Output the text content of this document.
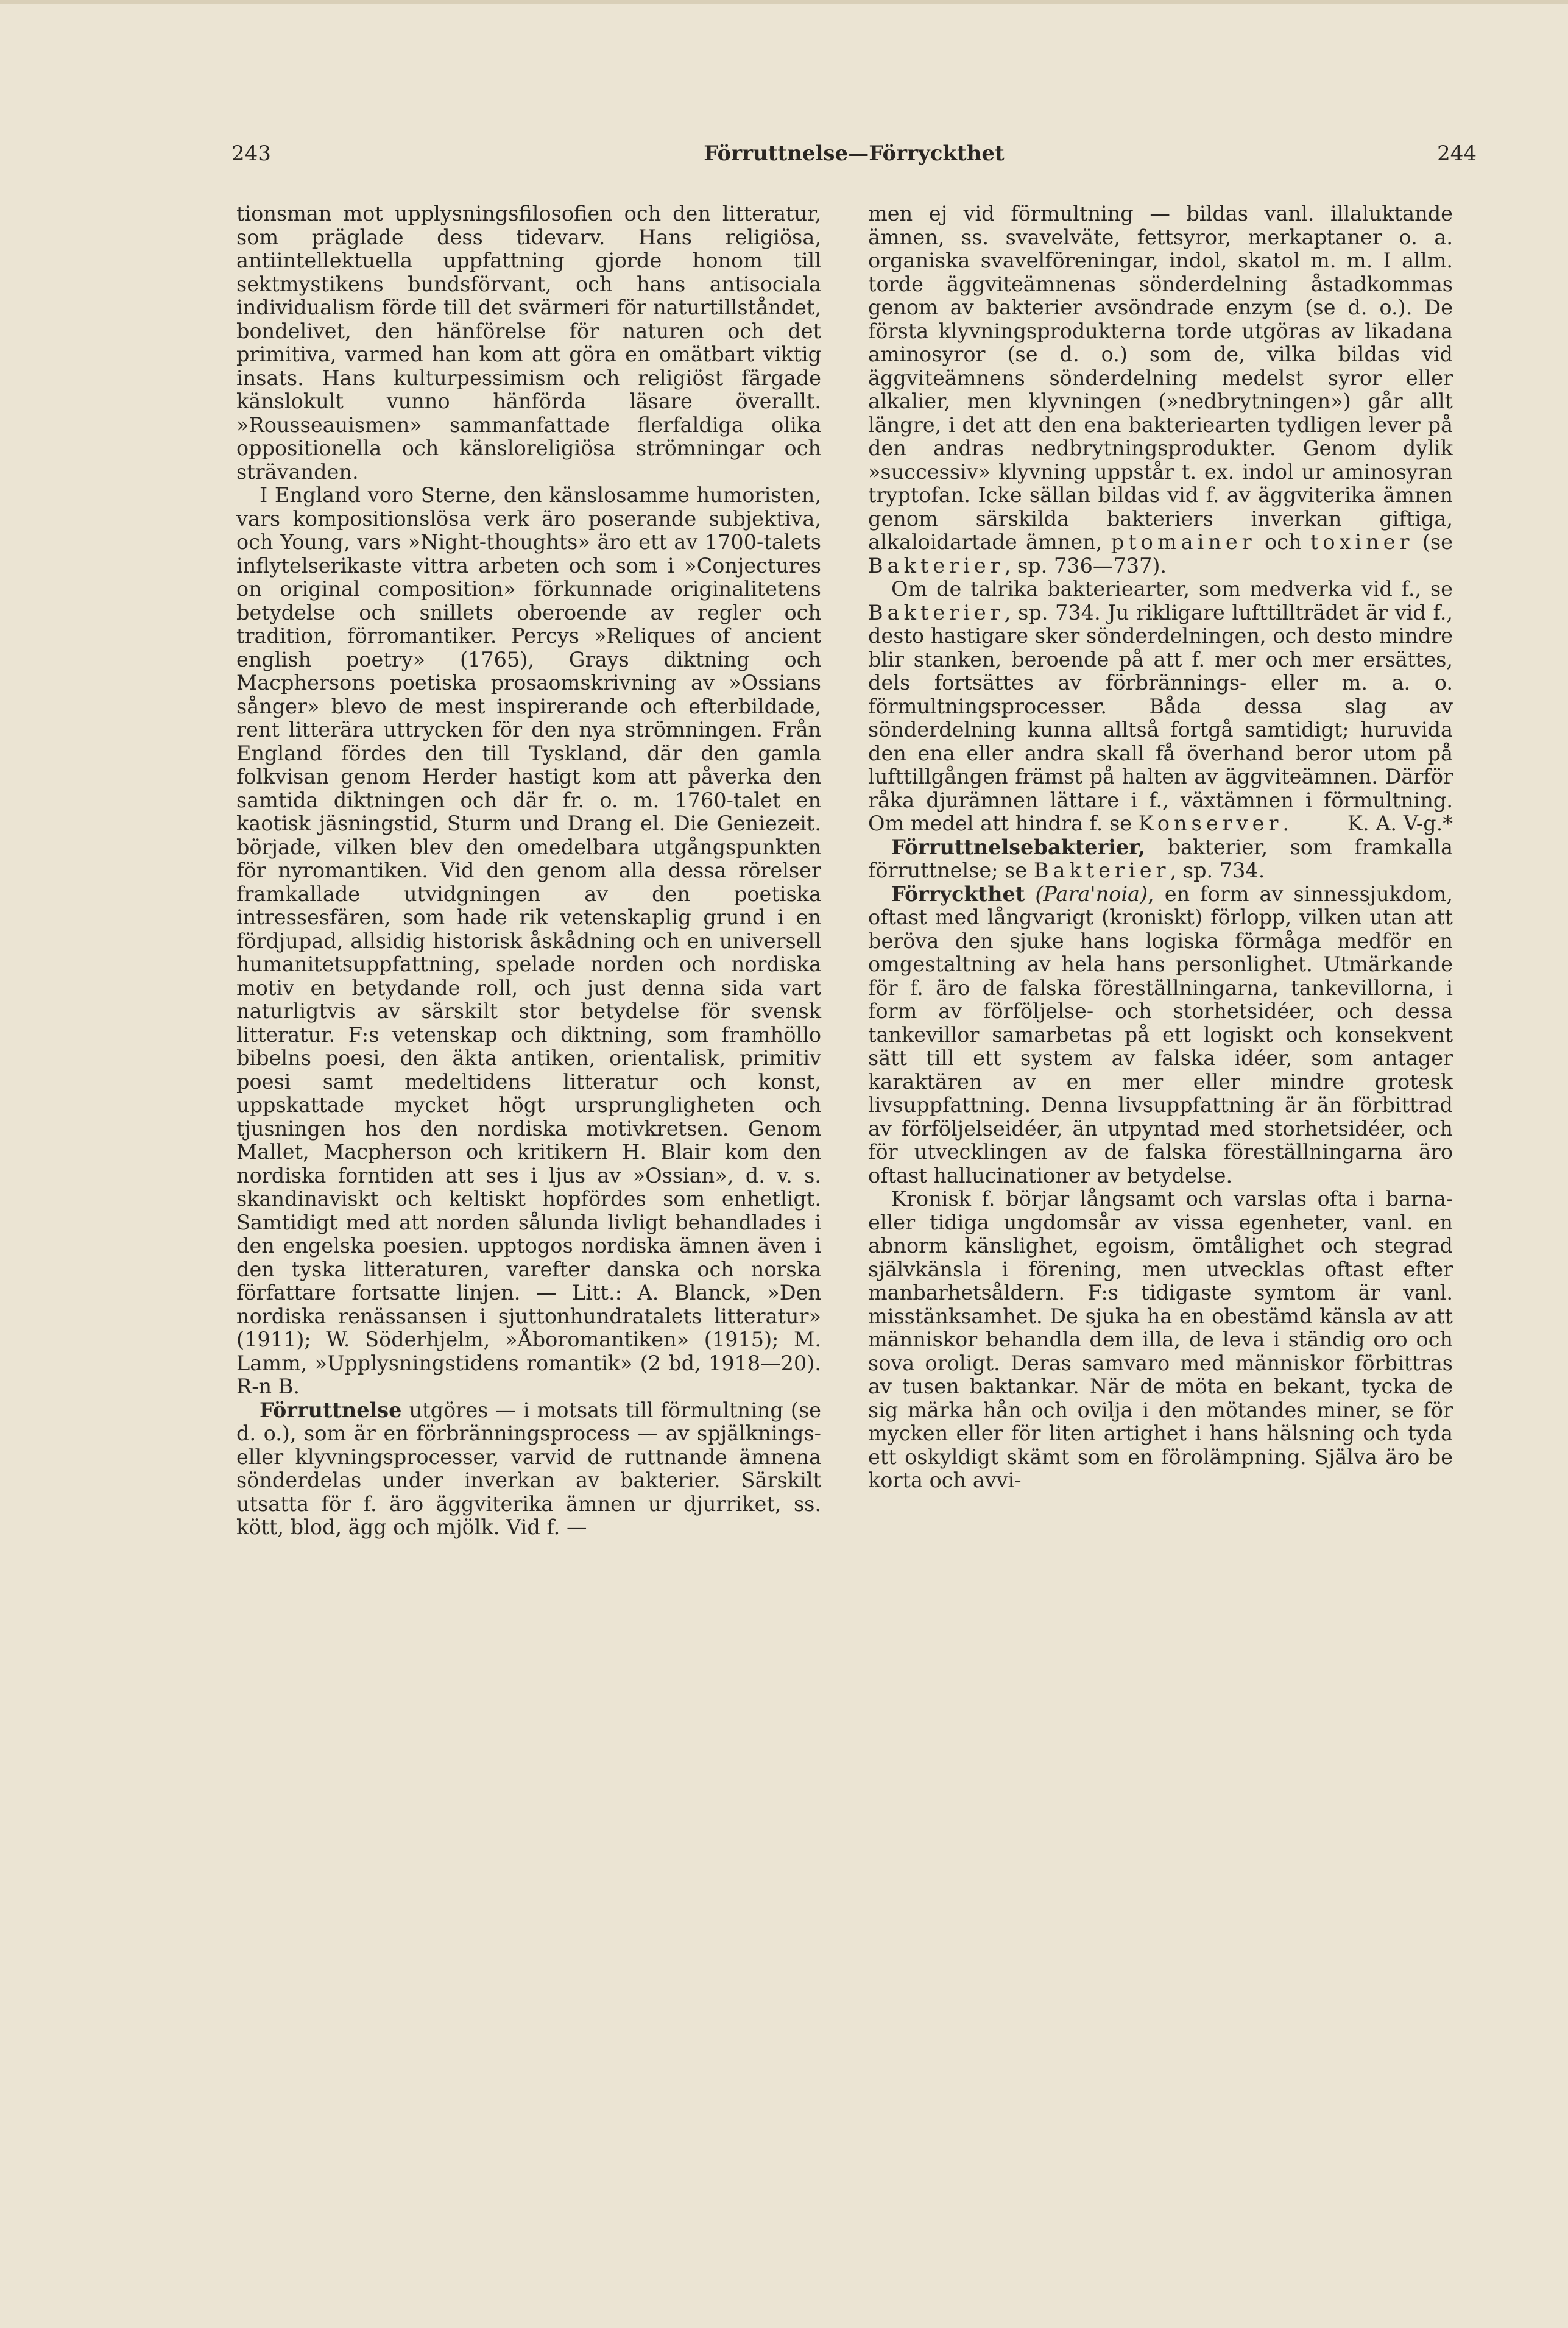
243	Förruttnelse—Förryckthet	244

tionsman mot upplysningsfilosofien och den litteratur, som präglade dess tidevarv. Hans religiösa, antiintellektuella uppfattning gjorde honom till sektmystikens bundsförvant, och hans antisociala individualism förde till det svärmeri för naturtillståndet, bondelivet, den hänförelse för naturen och det primitiva, varmed han kom att göra en omätbart viktig insats. Hans kulturpessimism och religiöst färgade känslokult vunno hänförda läsare överallt. »Rousseauismen» sammanfattade flerfaldiga olika oppositionella och känsloreligiösa strömningar och strävanden.

I England voro Sterne, den känslosamme humoristen, vars kompositionslösa verk äro poserande subjektiva, och Young, vars »Night-thoughts» äro ett av 1700-talets inflytelserikaste vittra arbeten och som i »Conjectures on original composition» förkunnade originalitetens betydelse och snillets oberoende av regler och tradition, förromantiker. Percys »Reliques of ancient english poetry» (1765), Grays diktning och Macphersons poetiska prosaomskrivning av »Ossians sånger» blevo de mest inspirerande och efterbildade, rent litterära uttrycken för den nya strömningen. Från England fördes den till Tyskland, där den gamla folkvisan genom Herder hastigt kom att påverka den samtida diktningen och där fr. o. m. 1760-talet en kaotisk jäsningstid, Sturm und Drang el. Die Geniezeit. började, vilken blev den omedelbara utgångspunkten för nyromantiken. Vid den genom alla dessa rörelser framkallade utvidgningen av den poetiska intressesfären, som hade rik vetenskaplig grund i en fördjupad, allsidig historisk åskådning och en universell humanitetsuppfattning, spelade norden och nordiska motiv en betydande roll, och just denna sida vart naturligtvis av särskilt stor betydelse för svensk litteratur. F:s vetenskap och diktning, som framhöllo bibelns poesi, den äkta antiken, orientalisk, primitiv poesi samt medeltidens litteratur och konst, uppskattade mycket högt ursprungligheten och tjusningen hos den nordiska motivkretsen. Genom Mallet, Macpherson och kritikern H. Blair kom den nordiska forntiden att ses i ljus av »Ossian», d. v. s. skandinaviskt och keltiskt hopfördes som enhetligt. Samtidigt med att norden sålunda livligt behandlades i den engelska poesien. upptogos nordiska ämnen även i den tyska litteraturen, varefter danska och norska författare fortsatte linjen. — Litt.: A. Blanck, »Den nordiska renässansen i sjuttonhundratalets litteratur» (1911); W. Söderhjelm, »Åboromantiken» (1915); M. Lamm, »Upplysningstidens romantik» (2 bd, 1918—20). R-n B.

Förruttnelse utgöres — i motsats till förmultning (se d. o.), som är en förbränningsprocess — av spjälknings- eller klyvningsprocesser, varvid de ruttnande ämnena sönderdelas under inverkan av bakterier. Särskilt utsatta för f. äro äggviterika ämnen ur djurriket, ss. kött, blod, ägg och mjölk. Vid f. —

men ej vid förmultning — bildas vanl. illaluktande ämnen, ss. svavelväte, fettsyror, merkaptaner o. a. organiska svavelföreningar, indol, skatol m. m. I allm. torde äggviteämnenas sönderdelning åstadkommas genom av bakterier avsöndrade enzym (se d. o.). De första klyvningsprodukterna torde utgöras av likadana aminosyror (se d. o.) som de, vilka bildas vid äggviteämnens sönderdelning medelst syror eller alkalier, men klyvningen (»nedbrytningen») går allt längre, i det att den ena bakteriearten tydligen lever på den andras nedbrytningsprodukter. Genom dylik »successiv» klyvning uppstår t. ex. indol ur aminosyran tryptofan. Icke sällan bildas vid f. av äggviterika ämnen genom särskilda bakteriers inverkan giftiga, alkaloidartade ämnen, ptomainer och toxiner (se Bakterier, sp. 736—737).

Om de talrika bakteriearter, som medverka vid f., se Bakterier, sp. 734. Ju rikligare lufttillträdet är vid f., desto hastigare sker sönderdelningen, och desto mindre blir stanken, beroende på att f. mer och mer ersättes, dels fortsättes av förbrännings- eller m. a. o. förmultningsprocesser. Båda dessa slag av sönderdelning kunna alltså fortgå samtidigt; huruvida den ena eller andra skall få överhand beror utom på lufttillgången främst på halten av äggviteämnen. Därför råka djurämnen lättare i f., växtämnen i förmultning. Om medel att hindra f. se Konserver.	K. A. V-g.*

Förruttnelsebakterier, bakterier, som framkalla förruttnelse; se Bakterier, sp. 734.

Förryckthet (Para'noia), en form av sinnessjukdom, oftast med långvarigt (kroniskt) förlopp, vilken utan att beröva den sjuke hans logiska förmåga medför en omgestaltning av hela hans personlighet. Utmärkande för f. äro de falska föreställningarna, tankevillorna, i form av förföljelse- och storhetsidéer, och dessa tankevillor samarbetas på ett logiskt och konsekvent sätt till ett system av falska idéer, som antager karaktären av en mer eller mindre grotesk livsuppfattning. Denna livsuppfattning är än förbittrad av förföljelseidéer, än utpyntad med storhetsidéer, och för utvecklingen av de falska föreställningarna äro oftast hallucinationer av betydelse.

Kronisk f. börjar långsamt och varslas ofta i barna- eller tidiga ungdomsår av vissa egenheter, vanl. en abnorm känslighet, egoism, ömtålighet och stegrad självkänsla i förening, men utvecklas oftast efter manbarhetsåldern. F:s tidigaste symtom är vanl. misstänksamhet. De sjuka ha en obestämd känsla av att människor behandla dem illa, de leva i ständig oro och sova oroligt. Deras samvaro med människor förbittras av tusen baktankar. När de möta en bekant, tycka de sig märka hån och ovilja i den mötandes miner, se för mycken eller för liten artighet i hans hälsning och tyda ett oskyldigt skämt som en förolämpning. Själva äro be korta och avvi-
